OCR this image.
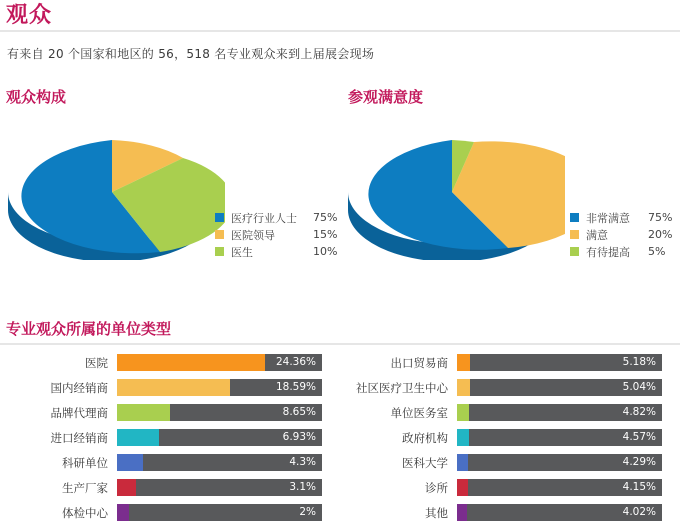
观众
有来自 20 个国家和地区的 56，518 名专业观众来到上届展会现场
观众构成
医疗行业人士	75%
医院领导	15%
医生	10%
参观满意度
非常满意	75%
满意	20%
有待提高	5%
专业观众所属的单位类型
医院	24.36%
国内经销商	18.59%
品牌代理商	8.65%
进口经销商	6.93%
科研单位	4.3%
生产厂家	3.1%
体检中心	2%
出口贸易商	5.18%
社区医疗卫生中心	5.04%
单位医务室	4.82%
政府机构	4.57%
医科大学	4.29%
诊所	4.15%
其他	4.02%
